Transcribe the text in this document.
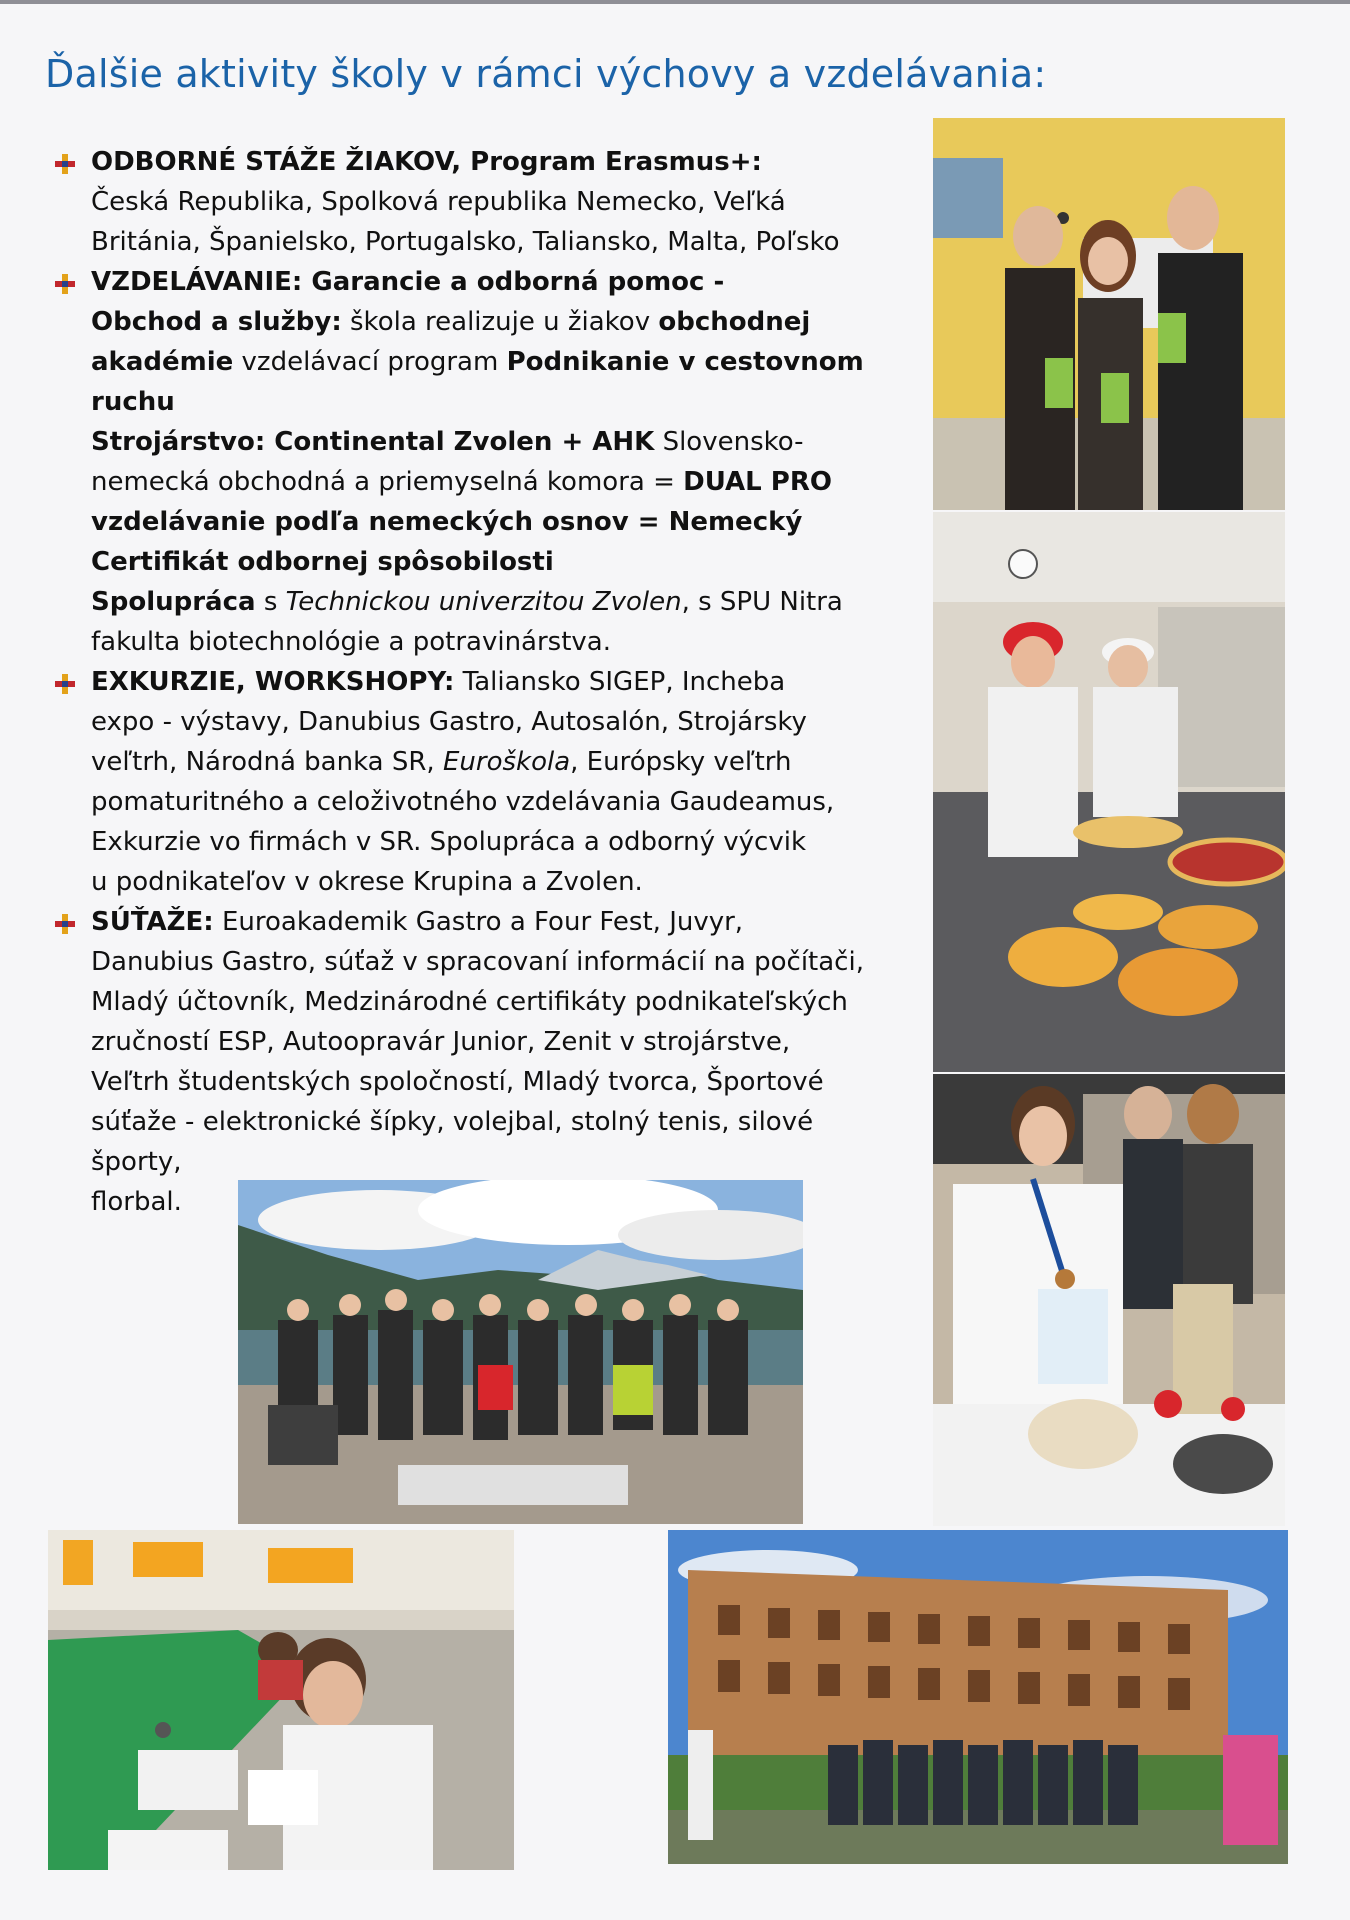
Ďalšie aktivity školy v rámci výchovy a vzdelávania:
ODBORNÉ STÁŽE ŽIAKOV, Program Erasmus+:
Česká Republika, Spolková republika Nemecko, Veľká
Británia, Španielsko, Portugalsko, Taliansko, Malta, Poľsko
VZDELÁVANIE: Garancie a odborná pomoc -
Obchod a služby: škola realizuje u žiakov obchodnej
akadémie vzdelávací program Podnikanie v cestovnom
ruchu
Strojárstvo: Continental Zvolen + AHK Slovensko-
nemecká obchodná a priemyselná komora = DUAL PRO
vzdelávanie podľa nemeckých osnov = Nemecký
Certifikát odbornej spôsobilosti
Spolupráca s Technickou univerzitou Zvolen, s SPU Nitra
fakulta biotechnológie a potravinárstva.
EXKURZIE, WORKSHOPY: Taliansko SIGEP, Incheba
expo - výstavy, Danubius Gastro, Autosalón, Strojársky
veľtrh, Národná banka SR, Euroškola, Európsky veľtrh
pomaturitného a celoživotného vzdelávania Gaudeamus,
Exkurzie vo firmách v SR. Spolupráca a odborný výcvik
u podnikateľov v okrese Krupina a Zvolen.
SÚŤAŽE: Euroakademik Gastro a Four Fest, Juvyr,
Danubius Gastro, súťaž v spracovaní informácií na počítači,
Mladý účtovník, Medzinárodné certifikáty podnikateľských
zručností ESP, Autoopravár Junior, Zenit v strojárstve,
Veľtrh študentských spoločností, Mladý tvorca, Športové
súťaže - elektronické šípky, volejbal, stolný tenis, silové
športy,
florbal.
